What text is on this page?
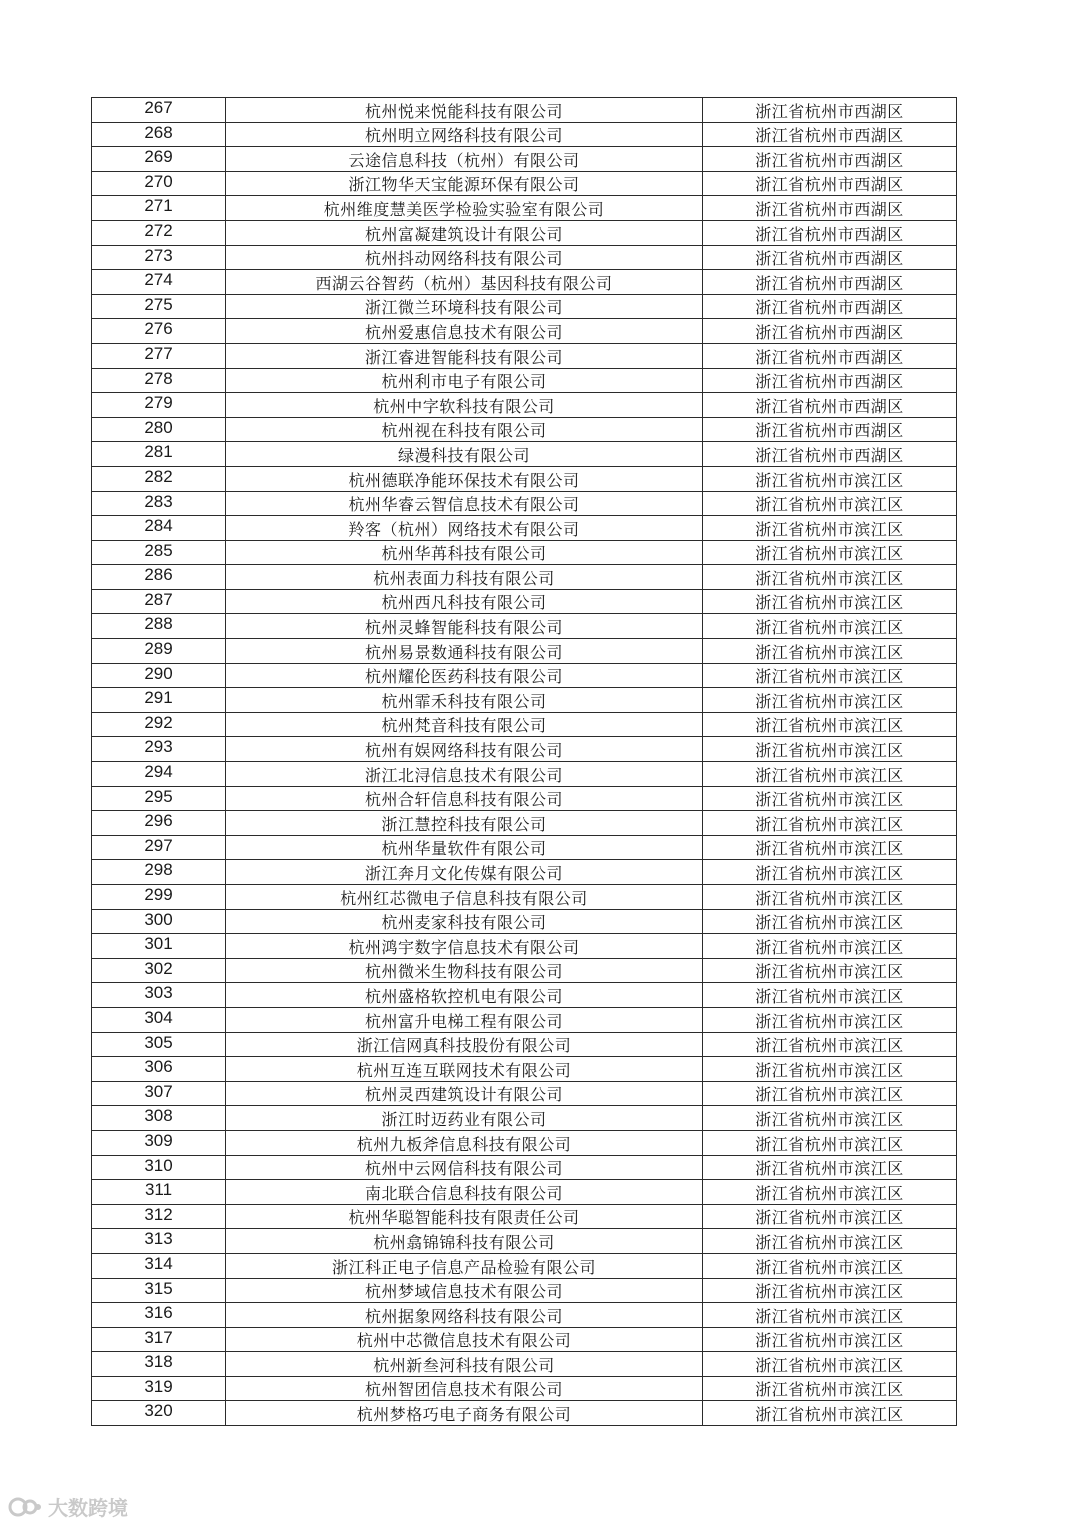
267	杭州悦来悦能科技有限公司	浙江省杭州市西湖区
268	杭州明立网络科技有限公司	浙江省杭州市西湖区
269	云途信息科技（杭州）有限公司	浙江省杭州市西湖区
270	浙江物华天宝能源环保有限公司	浙江省杭州市西湖区
271	杭州维度慧美医学检验实验室有限公司	浙江省杭州市西湖区
272	杭州富凝建筑设计有限公司	浙江省杭州市西湖区
273	杭州抖动网络科技有限公司	浙江省杭州市西湖区
274	西湖云谷智药（杭州）基因科技有限公司	浙江省杭州市西湖区
275	浙江微兰环境科技有限公司	浙江省杭州市西湖区
276	杭州爱惠信息技术有限公司	浙江省杭州市西湖区
277	浙江睿进智能科技有限公司	浙江省杭州市西湖区
278	杭州利市电子有限公司	浙江省杭州市西湖区
279	杭州中字软科技有限公司	浙江省杭州市西湖区
280	杭州视在科技有限公司	浙江省杭州市西湖区
281	绿漫科技有限公司	浙江省杭州市西湖区
282	杭州德联净能环保技术有限公司	浙江省杭州市滨江区
283	杭州华睿云智信息技术有限公司	浙江省杭州市滨江区
284	羚客（杭州）网络技术有限公司	浙江省杭州市滨江区
285	杭州华苒科技有限公司	浙江省杭州市滨江区
286	杭州表面力科技有限公司	浙江省杭州市滨江区
287	杭州西凡科技有限公司	浙江省杭州市滨江区
288	杭州灵蜂智能科技有限公司	浙江省杭州市滨江区
289	杭州易景数通科技有限公司	浙江省杭州市滨江区
290	杭州耀伦医药科技有限公司	浙江省杭州市滨江区
291	杭州霏禾科技有限公司	浙江省杭州市滨江区
292	杭州梵音科技有限公司	浙江省杭州市滨江区
293	杭州有娱网络科技有限公司	浙江省杭州市滨江区
294	浙江北浔信息技术有限公司	浙江省杭州市滨江区
295	杭州合轩信息科技有限公司	浙江省杭州市滨江区
296	浙江慧控科技有限公司	浙江省杭州市滨江区
297	杭州华量软件有限公司	浙江省杭州市滨江区
298	浙江奔月文化传媒有限公司	浙江省杭州市滨江区
299	杭州红芯微电子信息科技有限公司	浙江省杭州市滨江区
300	杭州麦家科技有限公司	浙江省杭州市滨江区
301	杭州鸿宇数字信息技术有限公司	浙江省杭州市滨江区
302	杭州微米生物科技有限公司	浙江省杭州市滨江区
303	杭州盛格软控机电有限公司	浙江省杭州市滨江区
304	杭州富升电梯工程有限公司	浙江省杭州市滨江区
305	浙江信网真科技股份有限公司	浙江省杭州市滨江区
306	杭州互连互联网技术有限公司	浙江省杭州市滨江区
307	杭州灵西建筑设计有限公司	浙江省杭州市滨江区
308	浙江时迈药业有限公司	浙江省杭州市滨江区
309	杭州九板斧信息科技有限公司	浙江省杭州市滨江区
310	杭州中云网信科技有限公司	浙江省杭州市滨江区
311	南北联合信息科技有限公司	浙江省杭州市滨江区
312	杭州华聪智能科技有限责任公司	浙江省杭州市滨江区
313	杭州翕锦锦科技有限公司	浙江省杭州市滨江区
314	浙江科正电子信息产品检验有限公司	浙江省杭州市滨江区
315	杭州梦域信息技术有限公司	浙江省杭州市滨江区
316	杭州据象网络科技有限公司	浙江省杭州市滨江区
317	杭州中芯微信息技术有限公司	浙江省杭州市滨江区
318	杭州新叁河科技有限公司	浙江省杭州市滨江区
319	杭州智团信息技术有限公司	浙江省杭州市滨江区
320	杭州梦格巧电子商务有限公司	浙江省杭州市滨江区
大数跨境
